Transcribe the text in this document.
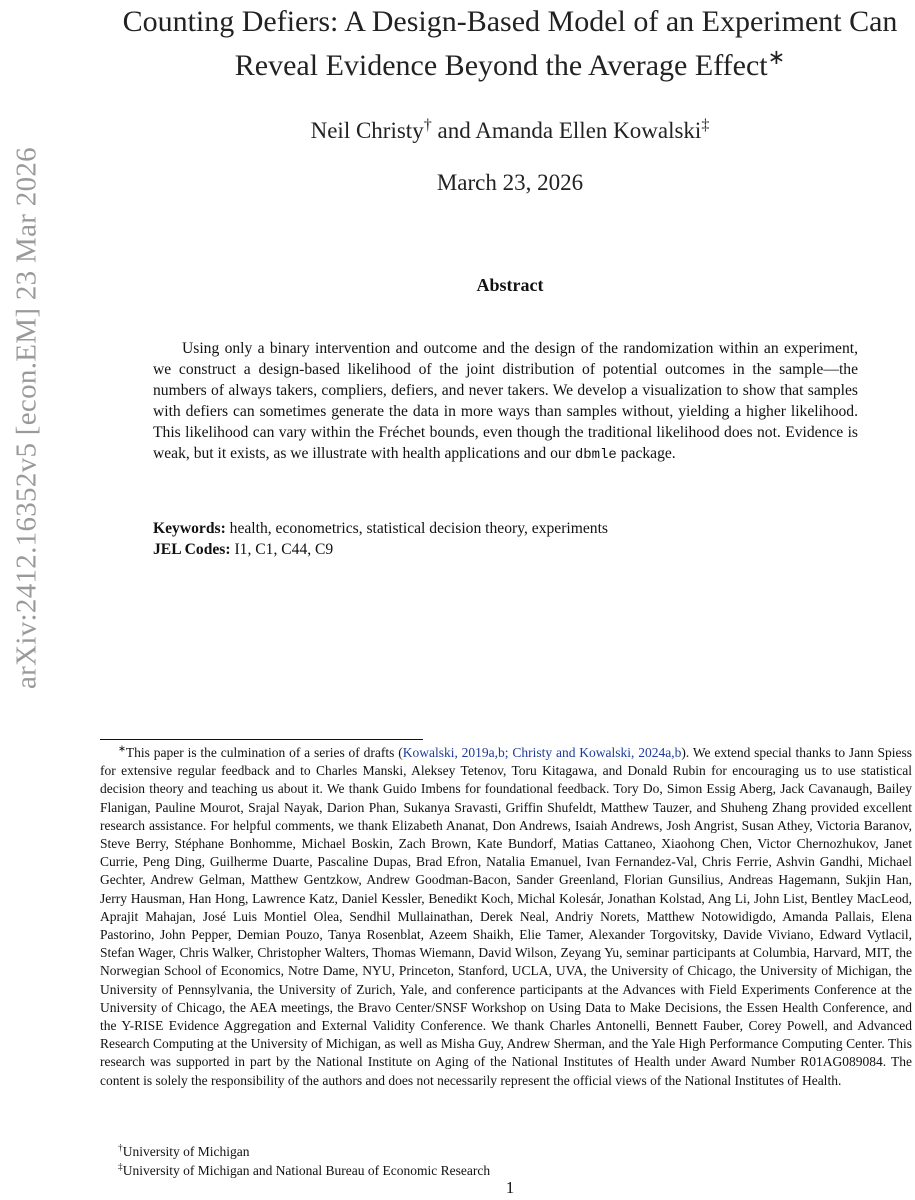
arXiv:2412.16352v5 [econ.EM] 23 Mar 2026
Counting Defiers: A Design-Based Model of an Experiment Can
Reveal Evidence Beyond the Average Effect∗
Neil Christy† and Amanda Ellen Kowalski‡
March 23, 2026
Abstract
Using only a binary intervention and outcome and the design of the randomization within an experiment, we construct a design-based likelihood of the joint distribution of potential outcomes in the sample—the numbers of always takers, compliers, defiers, and never takers. We develop a visualization to show that samples with defiers can sometimes generate the data in more ways than samples without, yielding a higher likelihood. This likelihood can vary within the Fréchet bounds, even though the traditional likelihood does not. Evidence is weak, but it exists, as we illustrate with health applications and our dbmle package.
Keywords: health, econometrics, statistical decision theory, experiments
JEL Codes: I1, C1, C44, C9
∗This paper is the culmination of a series of drafts (Kowalski, 2019a,b; Christy and Kowalski, 2024a,b). We extend special thanks to Jann Spiess for extensive regular feedback and to Charles Manski, Aleksey Tetenov, Toru Kitagawa, and Donald Rubin for encouraging us to use statistical decision theory and teaching us about it. We thank Guido Imbens for foundational feedback. Tory Do, Simon Essig Aberg, Jack Cavanaugh, Bailey Flanigan, Pauline Mourot, Srajal Nayak, Darion Phan, Sukanya Sravasti, Griffin Shufeldt, Matthew Tauzer, and Shuheng Zhang provided excellent research assistance. For helpful comments, we thank Elizabeth Ananat, Don Andrews, Isaiah Andrews, Josh Angrist, Susan Athey, Victoria Baranov, Steve Berry, Stéphane Bonhomme, Michael Boskin, Zach Brown, Kate Bundorf, Matias Cattaneo, Xiaohong Chen, Victor Chernozhukov, Janet Currie, Peng Ding, Guilherme Duarte, Pascaline Dupas, Brad Efron, Natalia Emanuel, Ivan Fernandez-Val, Chris Ferrie, Ashvin Gandhi, Michael Gechter, Andrew Gelman, Matthew Gentzkow, Andrew Goodman-Bacon, Sander Greenland, Florian Gunsilius, Andreas Hagemann, Sukjin Han, Jerry Hausman, Han Hong, Lawrence Katz, Daniel Kessler, Benedikt Koch, Michal Kolesár, Jonathan Kolstad, Ang Li, John List, Bentley MacLeod, Aprajit Mahajan, José Luis Montiel Olea, Sendhil Mullainathan, Derek Neal, Andriy Norets, Matthew Notowidigdo, Amanda Pallais, Elena Pastorino, John Pepper, Demian Pouzo, Tanya Rosenblat, Azeem Shaikh, Elie Tamer, Alexander Torgovitsky, Davide Viviano, Edward Vytlacil, Stefan Wager, Chris Walker, Christopher Walters, Thomas Wiemann, David Wilson, Zeyang Yu, seminar participants at Columbia, Harvard, MIT, the Norwegian School of Economics, Notre Dame, NYU, Princeton, Stanford, UCLA, UVA, the University of Chicago, the University of Michigan, the University of Pennsylvania, the University of Zurich, Yale, and conference participants at the Advances with Field Experiments Conference at the University of Chicago, the AEA meetings, the Bravo Center/SNSF Workshop on Using Data to Make Decisions, the Essen Health Conference, and the Y-RISE Evidence Aggregation and External Validity Conference. We thank Charles Antonelli, Bennett Fauber, Corey Powell, and Advanced Research Computing at the University of Michigan, as well as Misha Guy, Andrew Sherman, and the Yale High Performance Computing Center. This research was supported in part by the National Institute on Aging of the National Institutes of Health under Award Number R01AG089084. The content is solely the responsibility of the authors and does not necessarily represent the official views of the National Institutes of Health.
†University of Michigan
‡University of Michigan and National Bureau of Economic Research
1
